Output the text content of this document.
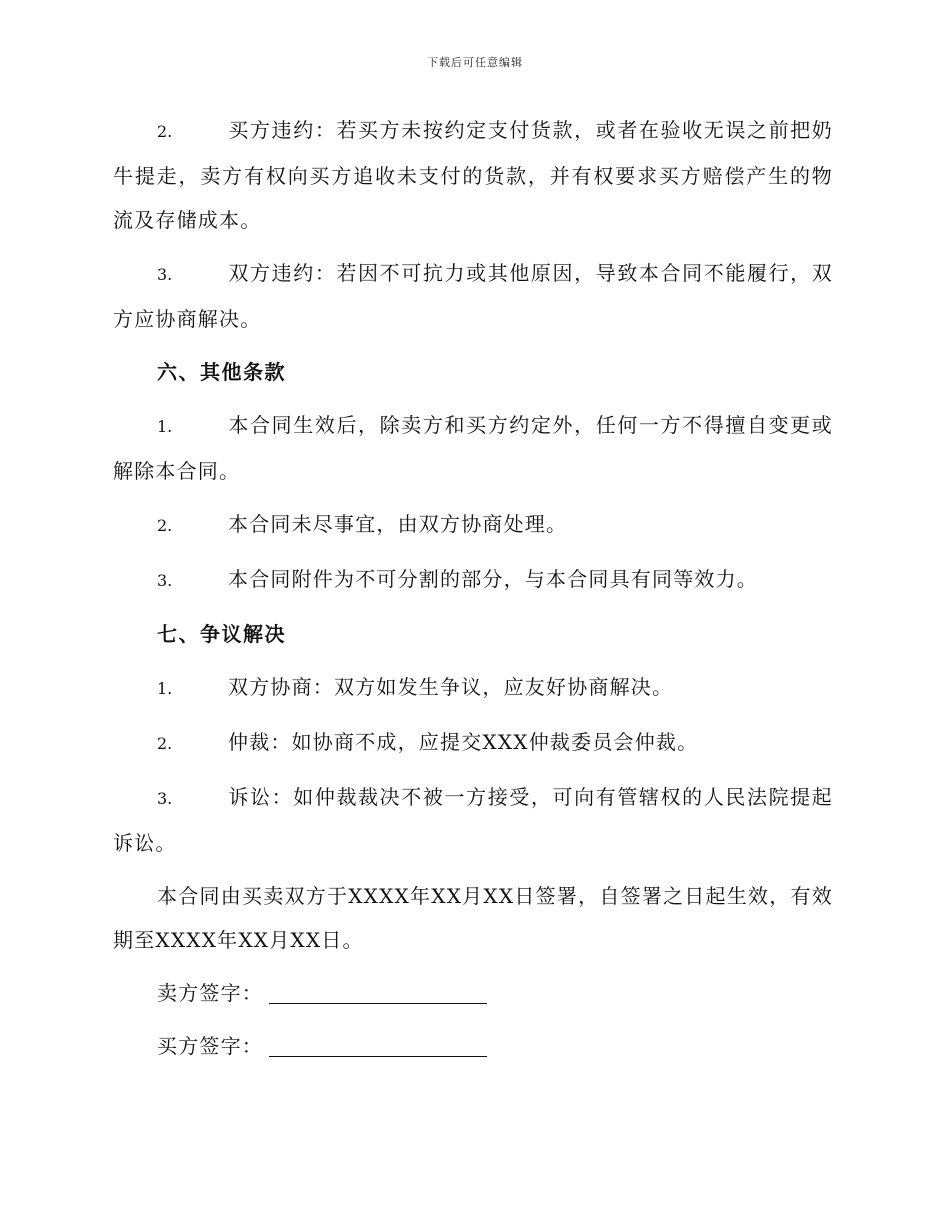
下载后可任意编辑

2.	买方违约：若买方未按约定支付货款，或者在验收无误之前把奶牛提走，卖方有权向买方追收未支付的货款，并有权要求买方赔偿产生的物流及存储成本。

3.	双方违约：若因不可抗力或其他原因，导致本合同不能履行，双方应协商解决。

六、其他条款

1.	本合同生效后，除卖方和买方约定外，任何一方不得擅自变更或解除本合同。

2.	本合同未尽事宜，由双方协商处理。

3.	本合同附件为不可分割的部分，与本合同具有同等效力。

七、争议解决

1.	双方协商：双方如发生争议，应友好协商解决。

2.	仲裁：如协商不成，应提交XXX仲裁委员会仲裁。

3.	诉讼：如仲裁裁决不被一方接受，可向有管辖权的人民法院提起诉讼。

本合同由买卖双方于XXXX年XX月XX日签署，自签署之日起生效，有效期至XXXX年XX月XX日。

卖方签字：
买方签字：
